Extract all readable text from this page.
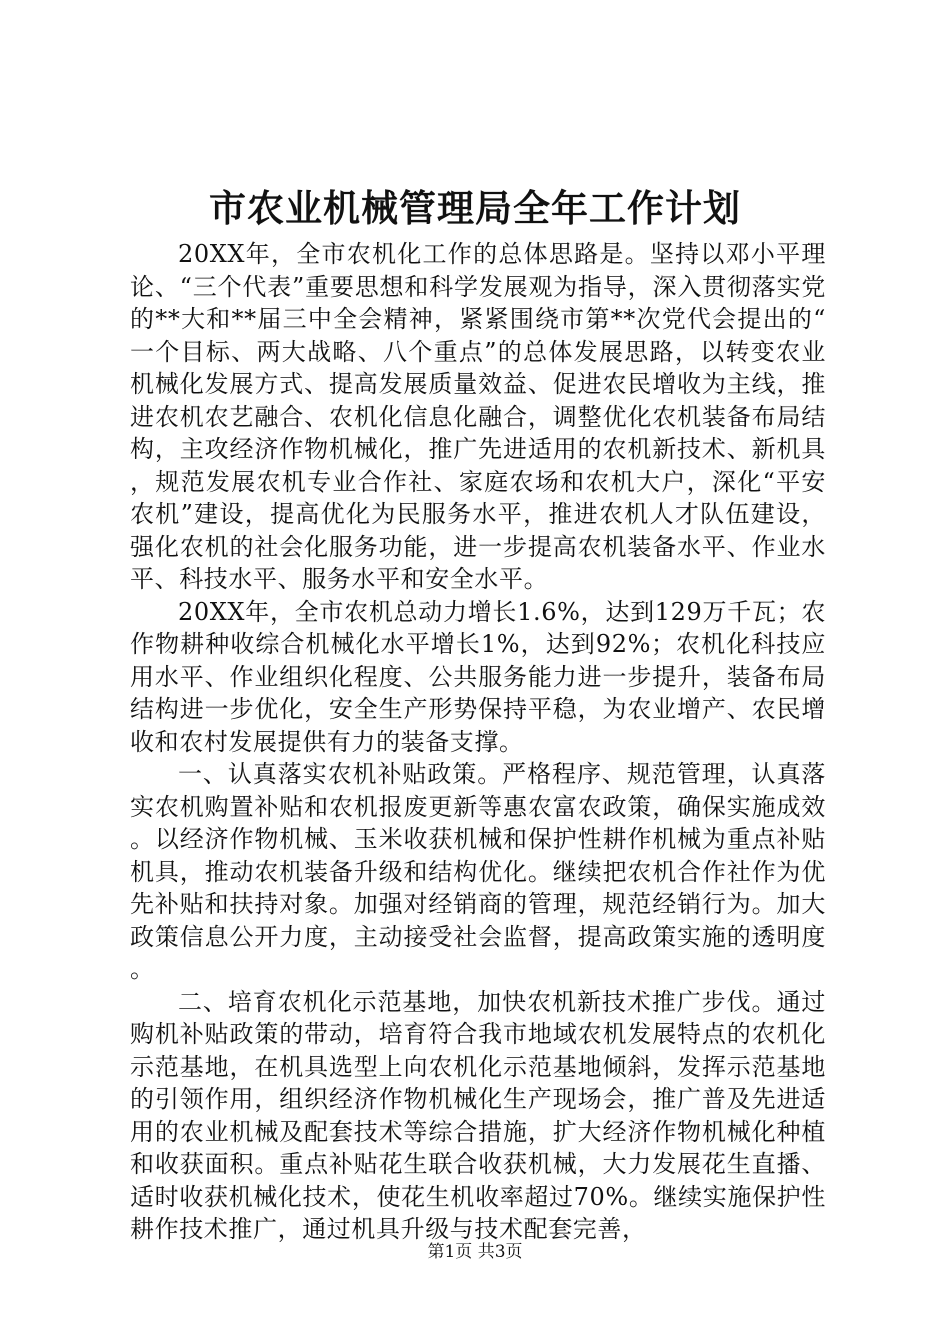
市农业机械管理局全年工作计划

20XX年，全市农机化工作的总体思路是。坚持以邓小平理论、“三个代表”重要思想和科学发展观为指导，深入贯彻落实党的**大和**届三中全会精神，紧紧围绕市第**次党代会提出的“一个目标、两大战略、八个重点”的总体发展思路，以转变农业机械化发展方式、提高发展质量效益、促进农民增收为主线，推进农机农艺融合、农机化信息化融合，调整优化农机装备布局结构，主攻经济作物机械化，推广先进适用的农机新技术、新机具，规范发展农机专业合作社、家庭农场和农机大户，深化“平安农机”建设，提高优化为民服务水平，推进农机人才队伍建设，强化农机的社会化服务功能，进一步提高农机装备水平、作业水平、科技水平、服务水平和安全水平。

20XX年，全市农机总动力增长1.6%，达到129万千瓦；农作物耕种收综合机械化水平增长1%，达到92%；农机化科技应用水平、作业组织化程度、公共服务能力进一步提升，装备布局结构进一步优化，安全生产形势保持平稳，为农业增产、农民增收和农村发展提供有力的装备支撑。

一、认真落实农机补贴政策。严格程序、规范管理，认真落实农机购置补贴和农机报废更新等惠农富农政策，确保实施成效。以经济作物机械、玉米收获机械和保护性耕作机械为重点补贴机具，推动农机装备升级和结构优化。继续把农机合作社作为优先补贴和扶持对象。加强对经销商的管理，规范经销行为。加大政策信息公开力度，主动接受社会监督，提高政策实施的透明度。

二、培育农机化示范基地，加快农机新技术推广步伐。通过购机补贴政策的带动，培育符合我市地域农机发展特点的农机化示范基地，在机具选型上向农机化示范基地倾斜，发挥示范基地的引领作用，组织经济作物机械化生产现场会，推广普及先进适用的农业机械及配套技术等综合措施，扩大经济作物机械化种植和收获面积。重点补贴花生联合收获机械，大力发展花生直播、适时收获机械化技术，使花生机收率超过70%。继续实施保护性耕作技术推广，通过机具升级与技术配套完善，

第1页 共3页
